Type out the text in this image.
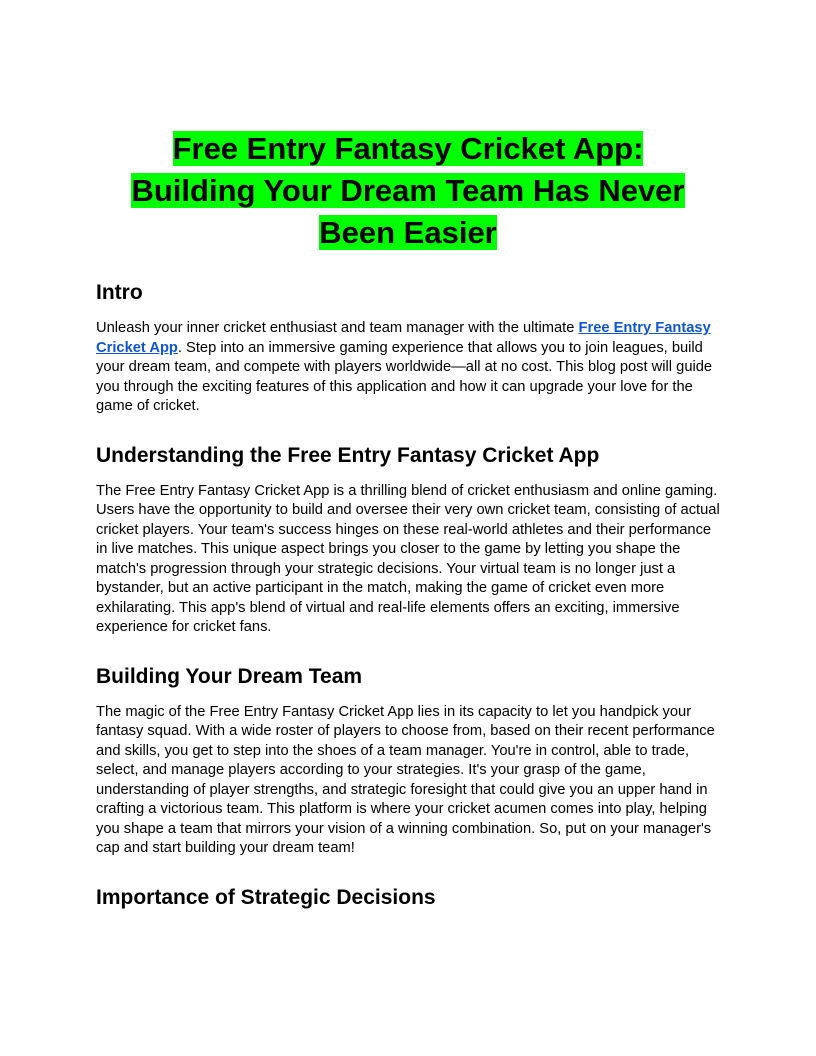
Free Entry Fantasy Cricket App:
Building Your Dream Team Has Never
Been Easier
Intro

Unleash your inner cricket enthusiast and team manager with the ultimate Free Entry Fantasy Cricket App. Step into an immersive gaming experience that allows you to join leagues, build your dream team, and compete with players worldwide—all at no cost. This blog post will guide you through the exciting features of this application and how it can upgrade your love for the game of cricket.

Understanding the Free Entry Fantasy Cricket App

The Free Entry Fantasy Cricket App is a thrilling blend of cricket enthusiasm and online gaming. Users have the opportunity to build and oversee their very own cricket team, consisting of actual cricket players. Your team's success hinges on these real-world athletes and their performance in live matches. This unique aspect brings you closer to the game by letting you shape the match's progression through your strategic decisions. Your virtual team is no longer just a bystander, but an active participant in the match, making the game of cricket even more exhilarating. This app's blend of virtual and real-life elements offers an exciting, immersive experience for cricket fans.

Building Your Dream Team

The magic of the Free Entry Fantasy Cricket App lies in its capacity to let you handpick your fantasy squad. With a wide roster of players to choose from, based on their recent performance and skills, you get to step into the shoes of a team manager. You're in control, able to trade, select, and manage players according to your strategies. It's your grasp of the game, understanding of player strengths, and strategic foresight that could give you an upper hand in crafting a victorious team. This platform is where your cricket acumen comes into play, helping you shape a team that mirrors your vision of a winning combination. So, put on your manager's cap and start building your dream team!

Importance of Strategic Decisions
